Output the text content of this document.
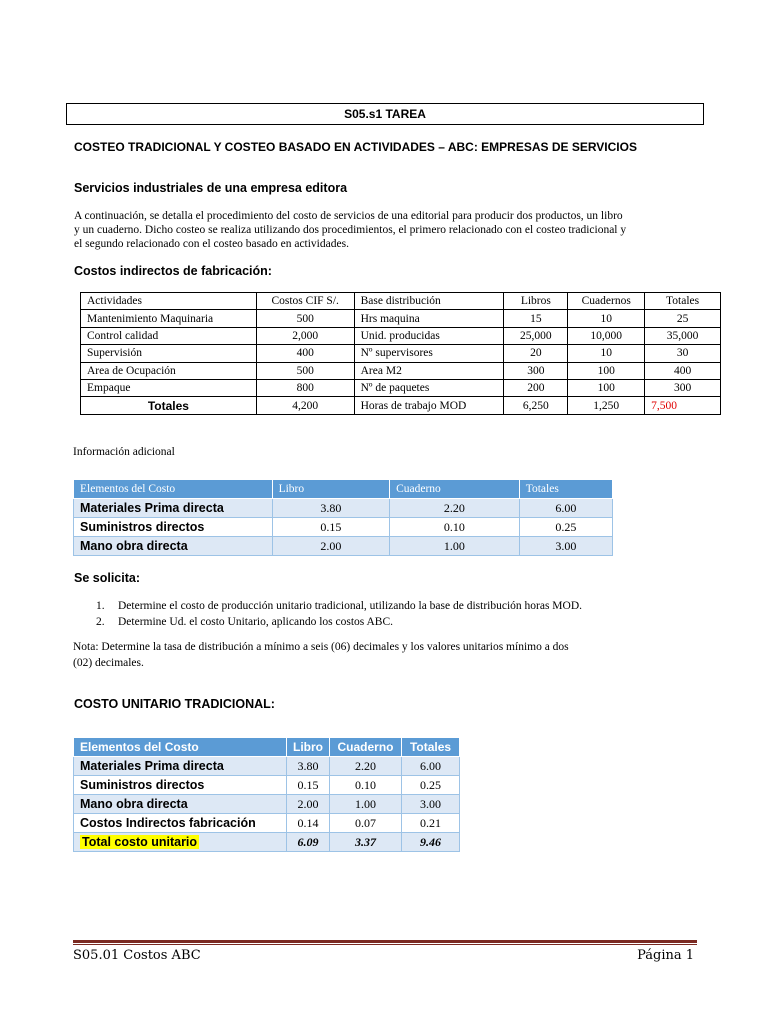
S05.s1 TAREA
COSTEO TRADICIONAL Y COSTEO BASADO EN ACTIVIDADES – ABC: EMPRESAS DE SERVICIOS
Servicios industriales de una empresa editora
A continuación, se detalla el procedimiento del costo de servicios de una editorial para producir dos productos, un libro
y un cuaderno. Dicho costeo se realiza utilizando dos procedimientos, el primero relacionado con el costeo tradicional y
el segundo relacionado con el costeo basado en actividades.
Costos indirectos de fabricación:
Actividades	Costos CIF S/.	Base distribución	Libros	Cuadernos	Totales
Mantenimiento Maquinaria	500	Hrs maquina	15	10	25
Control calidad	2,000	Unid. producidas	25,000	10,000	35,000
Supervisión	400	Nº supervisores	20	10	30
Area de Ocupación	500	Area M2	300	100	400
Empaque	800	Nº de paquetes	200	100	300
Totales	4,200	Horas de trabajo MOD	6,250	1,250	7,500
Información adicional
Elementos del Costo	Libro	Cuaderno	Totales
Materiales Prima directa	3.80	2.20	6.00
Suministros directos	0.15	0.10	0.25
Mano obra directa	2.00	1.00	3.00
Se solicita:
1. Determine el costo de producción unitario tradicional, utilizando la base de distribución horas MOD.
2. Determine Ud. el costo Unitario, aplicando los costos ABC.
Nota: Determine la tasa de distribución a mínimo a seis (06) decimales y los valores unitarios mínimo a dos
(02) decimales.
COSTO UNITARIO TRADICIONAL:
Elementos del Costo	Libro	Cuaderno	Totales
Materiales Prima directa	3.80	2.20	6.00
Suministros directos	0.15	0.10	0.25
Mano obra directa	2.00	1.00	3.00
Costos Indirectos fabricación	0.14	0.07	0.21
Total costo unitario	6.09	3.37	9.46
S05.01 Costos ABC	Página 1
